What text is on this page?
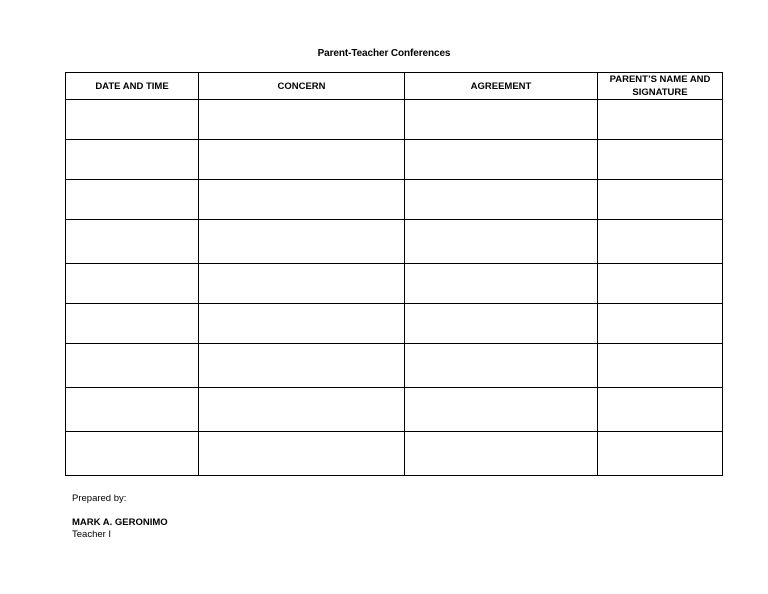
Parent-Teacher Conferences
DATE AND TIME	CONCERN	AGREEMENT	PARENT’S NAME AND SIGNATURE

Prepared by:
MARK A. GERONIMO
Teacher I
